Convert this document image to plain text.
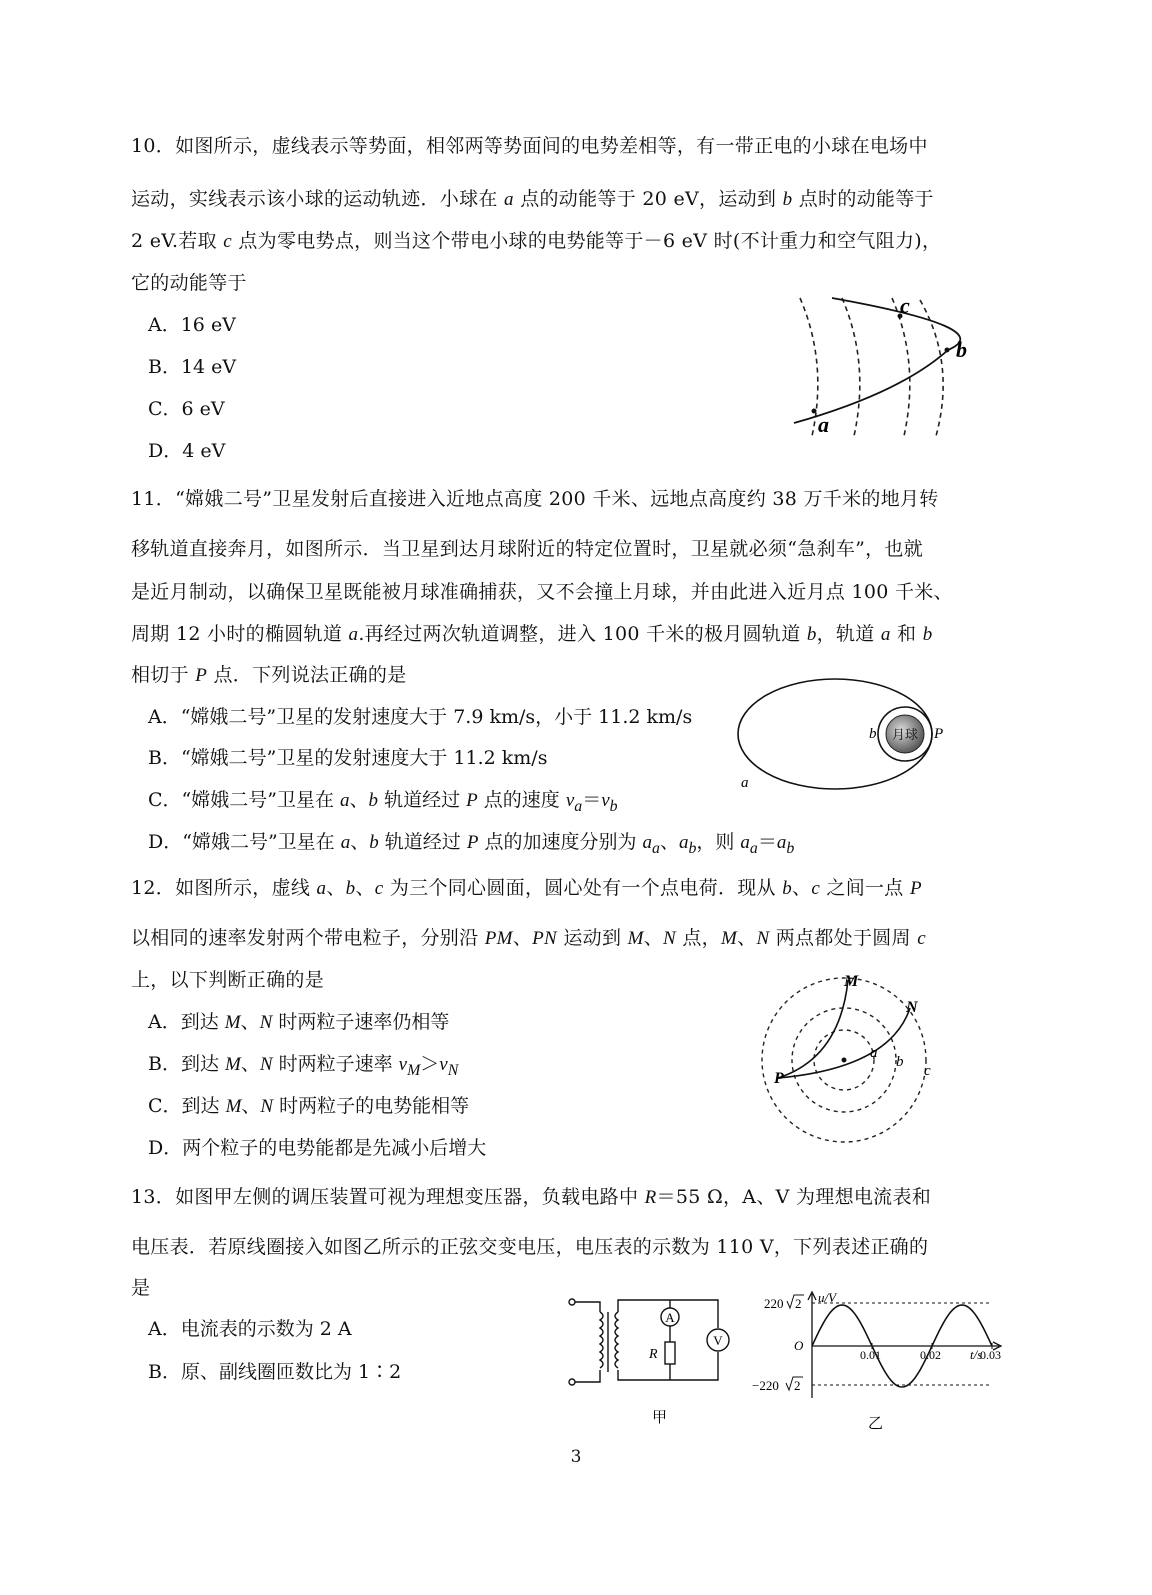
10．如图所示，虚线表示等势面，相邻两等势面间的电势差相等，有一带正电的小球在电场中
运动，实线表示该小球的运动轨迹．小球在 a 点的动能等于 20 eV，运动到 b 点时的动能等于
2 eV.若取 c 点为零电势点，则当这个带电小球的电势能等于－6 eV 时(不计重力和空气阻力)，
它的动能等于
A．16 eV
B．14 eV
C．6 eV
D．4 eV
c
b
a
11．“嫦娥二号”卫星发射后直接进入近地点高度 200 千米、远地点高度约 38 万千米的地月转
移轨道直接奔月，如图所示．当卫星到达月球附近的特定位置时，卫星就必须“急刹车”，也就
是近月制动，以确保卫星既能被月球准确捕获，又不会撞上月球，并由此进入近月点 100 千米、
周期 12 小时的椭圆轨道 a.再经过两次轨道调整，进入 100 千米的极月圆轨道 b，轨道 a 和 b
相切于 P 点．下列说法正确的是
A．“嫦娥二号”卫星的发射速度大于 7.9 km/s，小于 11.2 km/s
B．“嫦娥二号”卫星的发射速度大于 11.2 km/s
C．“嫦娥二号”卫星在 a、b 轨道经过 P 点的速度 $v_a=v_b$
D．“嫦娥二号”卫星在 a、b 轨道经过 P 点的加速度分别为 $a_a$、$a_b$，则 $a_a=a_b$
月球
b	P
a
12．如图所示，虚线 a、b、c 为三个同心圆面，圆心处有一个点电荷．现从 b、c 之间一点 P
以相同的速率发射两个带电粒子，分别沿 PM、PN 运动到 M、N 点，M、N 两点都处于圆周 c
上，以下判断正确的是
A．到达 M、N 时两粒子速率仍相等
B．到达 M、N 时两粒子速率 $v_M>v_N$
C．到达 M、N 时两粒子的电势能相等
D．两个粒子的电势能都是先减小后增大
M
N
P
a
b
c
13．如图甲左侧的调压装置可视为理想变压器，负载电路中 R＝55 Ω，A、V 为理想电流表和
电压表．若原线圈接入如图乙所示的正弦交变电压，电压表的示数为 110 V，下列表述正确的
是
A．电流表的示数为 2 A
B．原、副线圈匝数比为 1∶2
A
V
R
甲
0.01	0.02	0.03
u/V
t/s
O
220 2
−220 2
乙
3
